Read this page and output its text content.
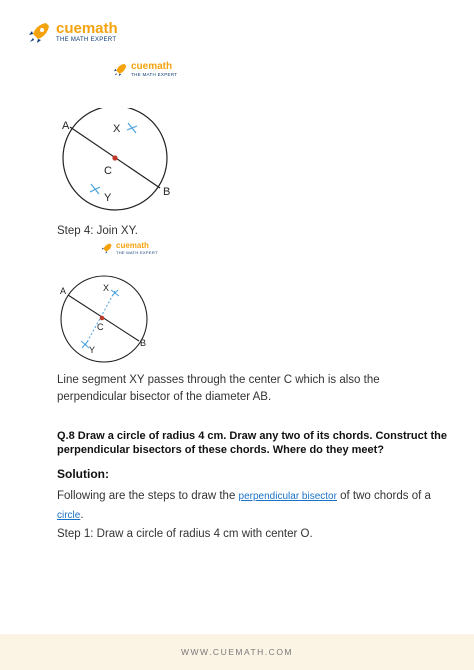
cuemath
THE MATH EXPERT
cuemath
THE MATH EXPERT
A
B
C
X
Y
Step 4: Join XY.
cuemath
THE MATH EXPERT
A
B
C
X
Y
Line segment XY passes through the center C which is also the perpendicular bisector of the diameter AB.
Q.8 Draw a circle of radius 4 cm. Draw any two of its chords. Construct the perpendicular bisectors of these chords. Where do they meet?
Solution:
Following are the steps to draw the perpendicular bisector of two chords of a circle.
Step 1: Draw a circle of radius 4 cm with center O.
WWW.CUEMATH.COM
